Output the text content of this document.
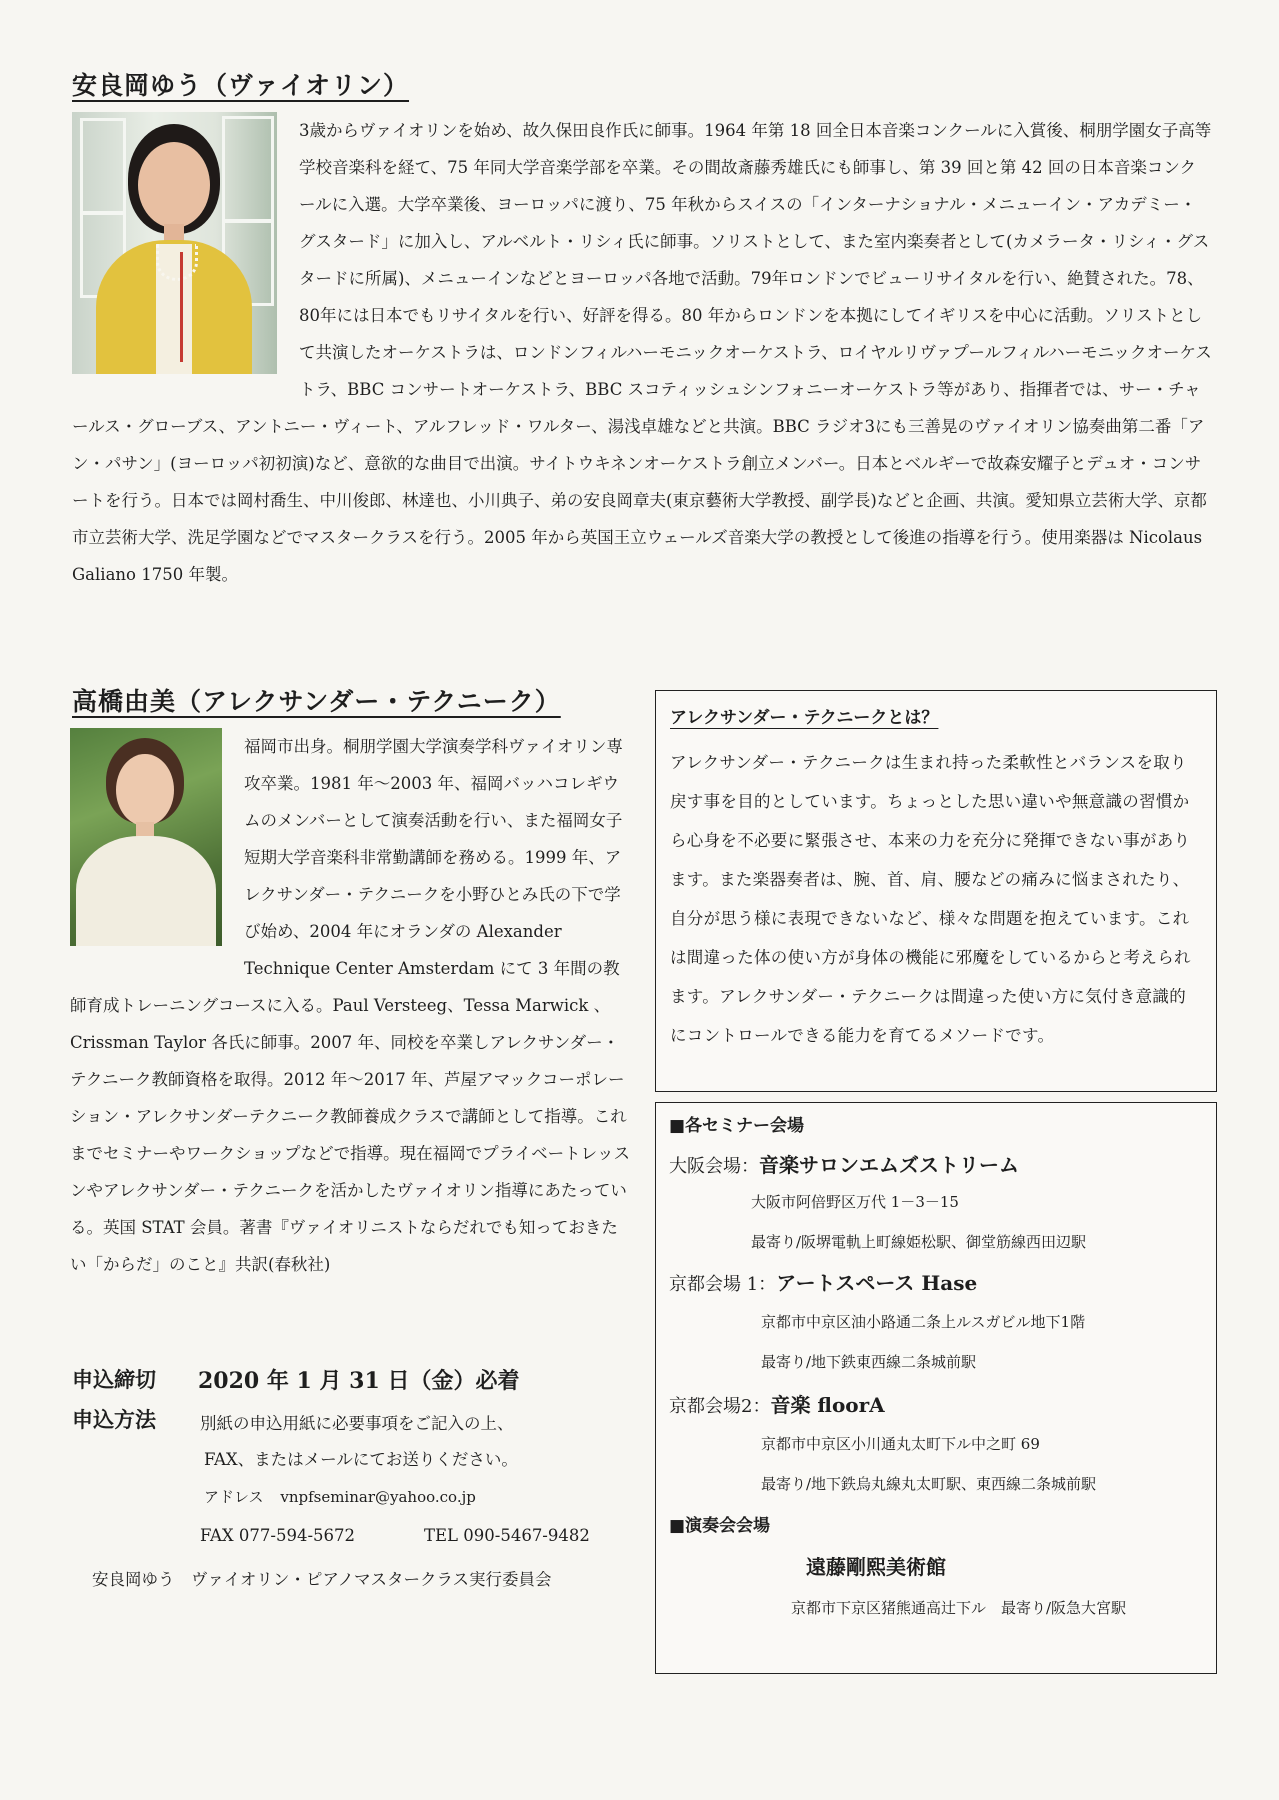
安良岡ゆう（ヴァイオリン）
3歳からヴァイオリンを始め、故久保田良作氏に師事。1964 年第 18 回全日本音楽コンクールに入賞後、桐朋学園女子高等学校音楽科を経て、75 年同大学音楽学部を卒業。その間故斎藤秀雄氏にも師事し、第 39 回と第 42 回の日本音楽コンクールに入選。大学卒業後、ヨーロッパに渡り、75 年秋からスイスの「インターナショナル・メニューイン・アカデミー・グスタード」に加入し、アルベルト・リシィ氏に師事。ソリストとして、また室内楽奏者として(カメラータ・リシィ・グスタードに所属)、メニューインなどとヨーロッパ各地で活動。79年ロンドンでビューリサイタルを行い、絶賛された。78、80年には日本でもリサイタルを行い、好評を得る。80 年からロンドンを本拠にしてイギリスを中心に活動。ソリストとして共演したオーケストラは、ロンドンフィルハーモニックオーケストラ、ロイヤルリヴァプールフィルハーモニックオーケストラ、BBC コンサートオーケストラ、BBC スコティッシュシンフォニーオーケストラ等があり、指揮者では、サー・チャールス・グローブス、アントニー・ヴィート、アルフレッド・ワルター、湯浅卓雄などと共演。BBC ラジオ3にも三善晃のヴァイオリン協奏曲第二番「アン・パサン」(ヨーロッパ初初演)など、意欲的な曲目で出演。サイトウキネンオーケストラ創立メンバー。日本とベルギーで故森安耀子とデュオ・コンサートを行う。日本では岡村喬生、中川俊郎、林達也、小川典子、弟の安良岡章夫(東京藝術大学教授、副学長)などと企画、共演。愛知県立芸術大学、京都市立芸術大学、洗足学園などでマスタークラスを行う。2005 年から英国王立ウェールズ音楽大学の教授として後進の指導を行う。使用楽器は Nicolaus Galiano 1750 年製。
高橋由美（アレクサンダー・テクニーク）
福岡市出身。桐朋学園大学演奏学科ヴァイオリン専攻卒業。1981 年～2003 年、福岡バッハコレギウムのメンバーとして演奏活動を行い、また福岡女子短期大学音楽科非常勤講師を務める。1999 年、アレクサンダー・テクニークを小野ひとみ氏の下で学び始め、2004 年にオランダの Alexander Technique Center Amsterdam にて 3 年間の教師育成トレーニングコースに入る。Paul Versteeg、Tessa Marwick 、Crissman Taylor 各氏に師事。2007 年、同校を卒業しアレクサンダー・テクニーク教師資格を取得。2012 年～2017 年、芦屋アマックコーポレーション・アレクサンダーテクニーク教師養成クラスで講師として指導。これまでセミナーやワークショップなどで指導。現在福岡でプライベートレッスンやアレクサンダー・テクニークを活かしたヴァイオリン指導にあたっている。英国 STAT 会員。著書『ヴァイオリニストならだれでも知っておきたい「からだ」のこと』共訳(春秋社)
アレクサンダー・テクニークとは？
アレクサンダー・テクニークは生まれ持った柔軟性とバランスを取り戻す事を目的としています。ちょっとした思い違いや無意識の習慣から心身を不必要に緊張させ、本来の力を充分に発揮できない事があります。また楽器奏者は、腕、首、肩、腰などの痛みに悩まされたり、自分が思う様に表現できないなど、様々な問題を抱えています。これは間違った体の使い方が身体の機能に邪魔をしているからと考えられます。アレクサンダー・テクニークは間違った使い方に気付き意識的にコントロールできる能力を育てるメソードです。
■各セミナー会場
大阪会場：音楽サロンエムズストリーム
大阪市阿倍野区万代 1－3－15
最寄り/阪堺電軌上町線姫松駅、御堂筋線西田辺駅
京都会場 1：アートスペース Hase
京都市中京区油小路通二条上ルスガビル地下1階
最寄り/地下鉄東西線二条城前駅
京都会場2：音楽 floorA
京都市中京区小川通丸太町下ル中之町 69
最寄り/地下鉄烏丸線丸太町駅、東西線二条城前駅
■演奏会会場
遠藤剛熙美術館
京都市下京区猪熊通高辻下ル　最寄り/阪急大宮駅
申込締切 2020 年 1 月 31 日（金）必着
申込方法	別紙の申込用紙に必要事項をご記入の上、
FAX、またはメールにてお送りください。
アドレス vnpfseminar@yahoo.co.jp
FAX 077-594-5672	TEL 090-5467-9482
安良岡ゆう　ヴァイオリン・ピアノマスタークラス実行委員会
